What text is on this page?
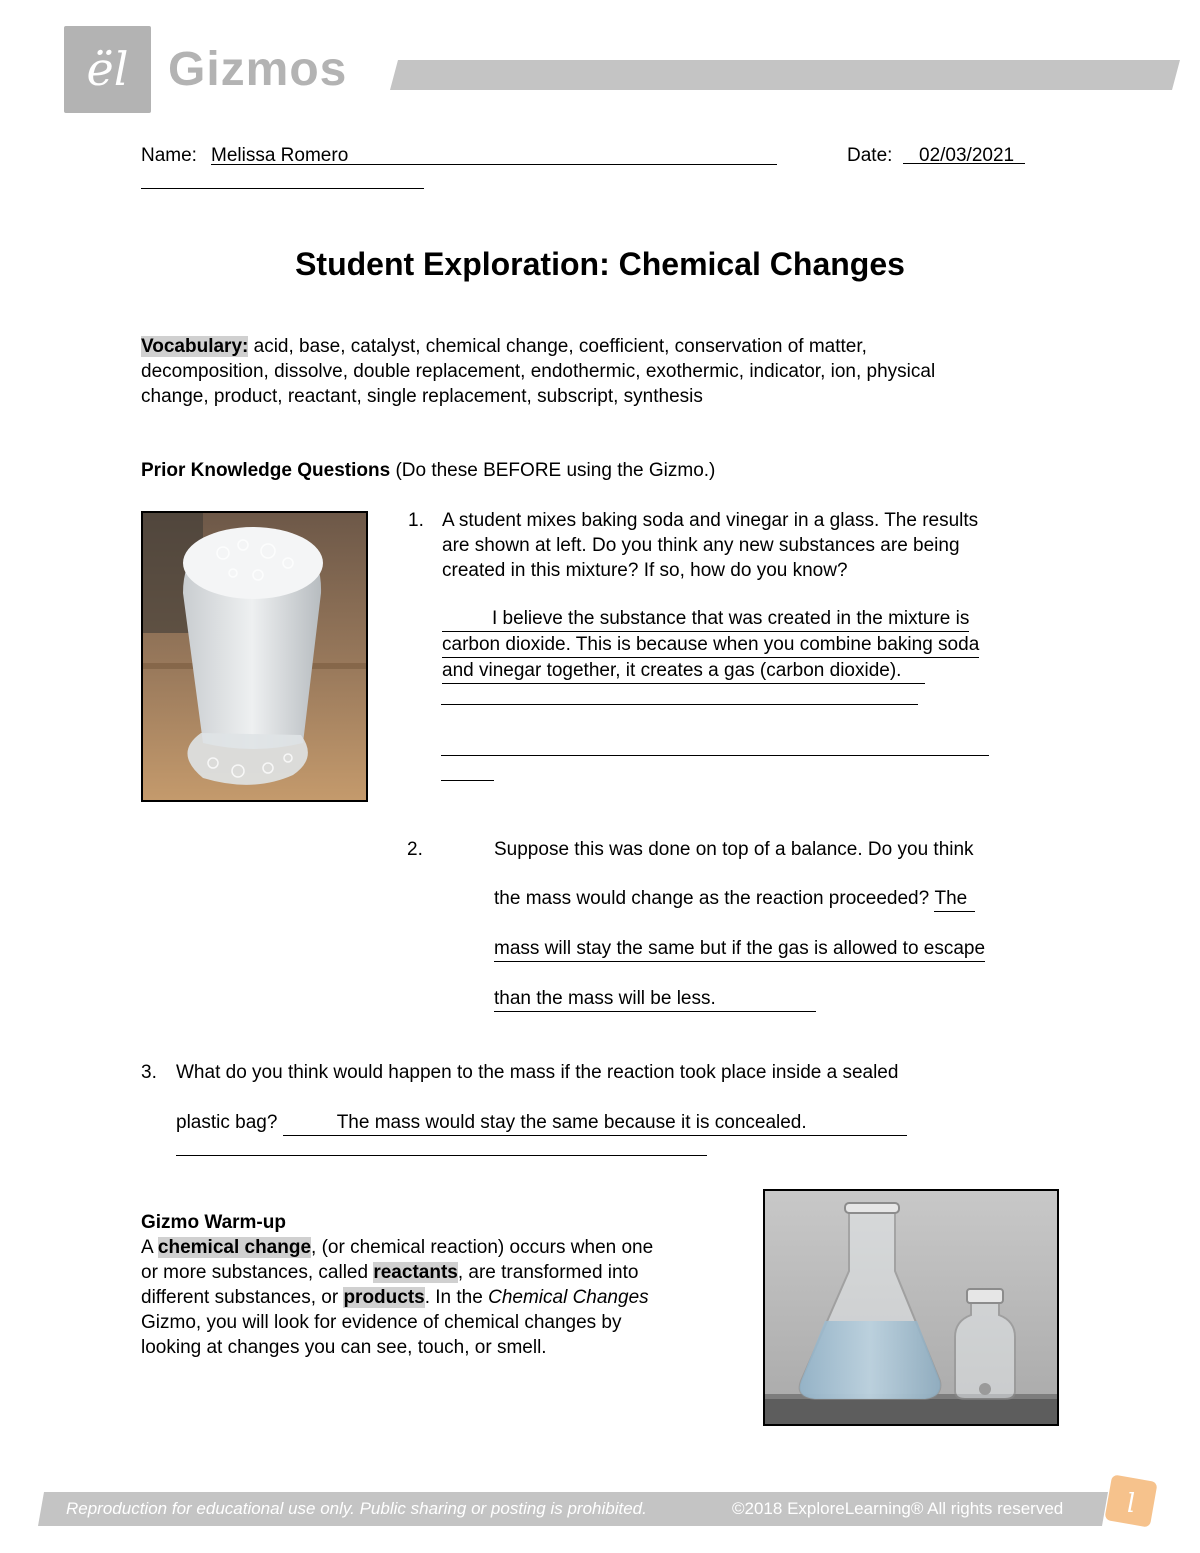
ël Gizmos
Name: Melissa Romero	Date:	02/03/2021
Student Exploration: Chemical Changes
Vocabulary: acid, base, catalyst, chemical change, coefficient, conservation of matter,
decomposition, dissolve, double replacement, endothermic, exothermic, indicator, ion, physical
change, product, reactant, single replacement, subscript, synthesis
Prior Knowledge Questions (Do these BEFORE using the Gizmo.)
1. A student mixes baking soda and vinegar in a glass. The results
are shown at left. Do you think any new substances are being
created in this mixture? If so, how do you know?
I believe the substance that was created in the mixture is
carbon dioxide. This is because when you combine baking soda
and vinegar together, it creates a gas (carbon dioxide).
2.	Suppose this was done on top of a balance. Do you think
the mass would change as the reaction proceeded? The
mass will stay the same but if the gas is allowed to escape
than the mass will be less.
3. What do you think would happen to the mass if the reaction took place inside a sealed
plastic bag?	The mass would stay the same because it is concealed.
Gizmo Warm-up
A chemical change, (or chemical reaction) occurs when one
or more substances, called reactants, are transformed into
different substances, or products. In the Chemical Changes
Gizmo, you will look for evidence of chemical changes by
looking at changes you can see, touch, or smell.
Reproduction for educational use only. Public sharing or posting is prohibited.	©2018 ExploreLearning® All rights reserved l
